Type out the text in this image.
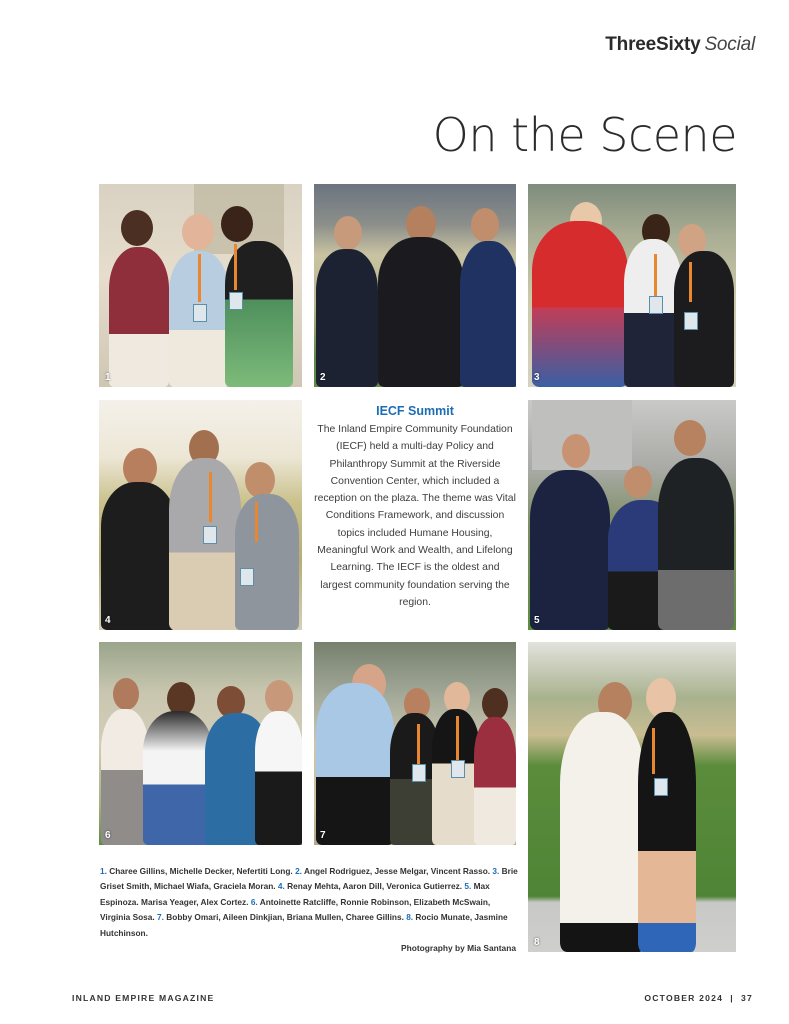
ThreeSixty Social
On the Scene
1	2	3
4
IECF Summit

The Inland Empire Community Foundation (IECF) held a multi-day Policy and Philanthropy Summit at the Riverside Convention Center, which included a reception on the plaza. The theme was Vital Conditions Framework, and discussion topics included Humane Housing, Meaningful Work and Wealth, and Lifelong Learning. The IECF is the oldest and largest community foundation serving the region.

5
6	7
8
1. Charee Gillins, Michelle Decker, Nefertiti Long. 2. Angel Rodriguez, Jesse Melgar, Vincent Rasso. 3. Brie Griset Smith, Michael Wiafa, Graciela Moran. 4. Renay Mehta, Aaron Dill, Veronica Gutierrez. 5. Max Espinoza. Marisa Yeager, Alex Cortez. 6. Antoinette Ratcliffe, Ronnie Robinson, Elizabeth McSwain, Virginia Sosa. 7. Bobby Omari, Aileen Dinkjian, Briana Mullen, Charee Gillins. 8. Rocio Munate, Jasmine Hutchinson.
Photography by Mia Santana
INLAND EMPIRE MAGAZINE	OCTOBER 2024  |  37
